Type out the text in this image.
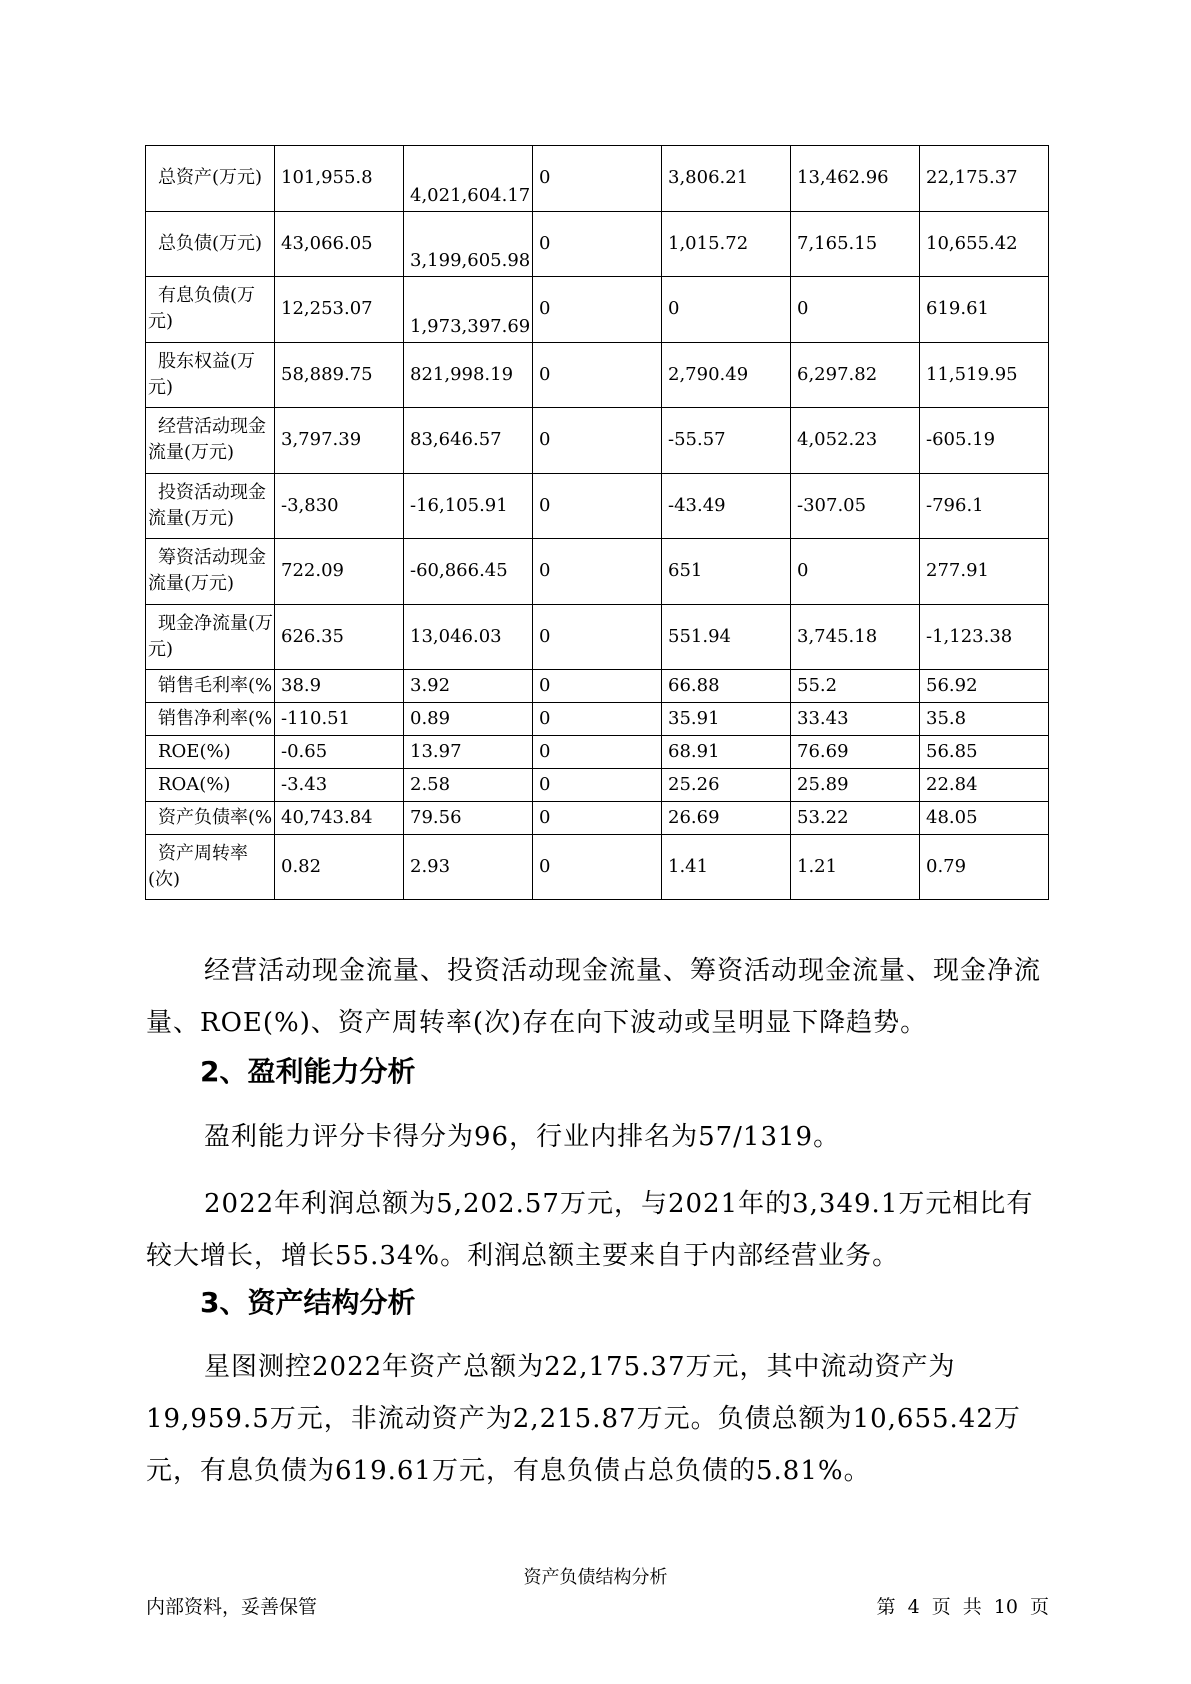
总资产(万元)	101,955.8	4,021,604.17	0	3,806.21	13,462.96	22,175.37

总负债(万元)	43,066.05	3,199,605.98	0	1,015.72	7,165.15	10,655.42

有息负债(万元)	12,253.07	1,973,397.69	0	0	0	619.61

股东权益(万元)	58,889.75	821,998.19	0	2,790.49	6,297.82	11,519.95

经营活动现金流量(万元)	3,797.39	83,646.57	0	-55.57	4,052.23	-605.19

投资活动现金流量(万元)	-3,830	-16,105.91	0	-43.49	-307.05	-796.1

筹资活动现金流量(万元)	722.09	-60,866.45	0	651	0	277.91

现金净流量(万元)	626.35	13,046.03	0	551.94	3,745.18	-1,123.38

销售毛利率(%	38.9	3.92	0	66.88	55.2	56.92

销售净利率(%	-110.51	0.89	0	35.91	33.43	35.8

ROE(%)	-0.65	13.97	0	68.91	76.69	56.85

ROA(%)	-3.43	2.58	0	25.26	25.89	22.84

资产负债率(%	40,743.84	79.56	0	26.69	53.22	48.05

资产周转率(次)	0.82	2.93	0	1.41	1.21	0.79

经营活动现金流量、投资活动现金流量、筹资活动现金流量、现金净流量、ROE(%)、资产周转率(次)存在向下波动或呈明显下降趋势。

2、盈利能力分析

盈利能力评分卡得分为96，行业内排名为57/1319。

2022年利润总额为5,202.57万元，与2021年的3,349.1万元相比有较大增长，增长55.34%。利润总额主要来自于内部经营业务。

3、资产结构分析

星图测控2022年资产总额为22,175.37万元，其中流动资产为19,959.5万元，非流动资产为2,215.87万元。负债总额为10,655.42万元，有息负债为619.61万元，有息负债占总负债的5.81%。

资产负债结构分析

内部资料，妥善保管	第 4 页 共 10 页
